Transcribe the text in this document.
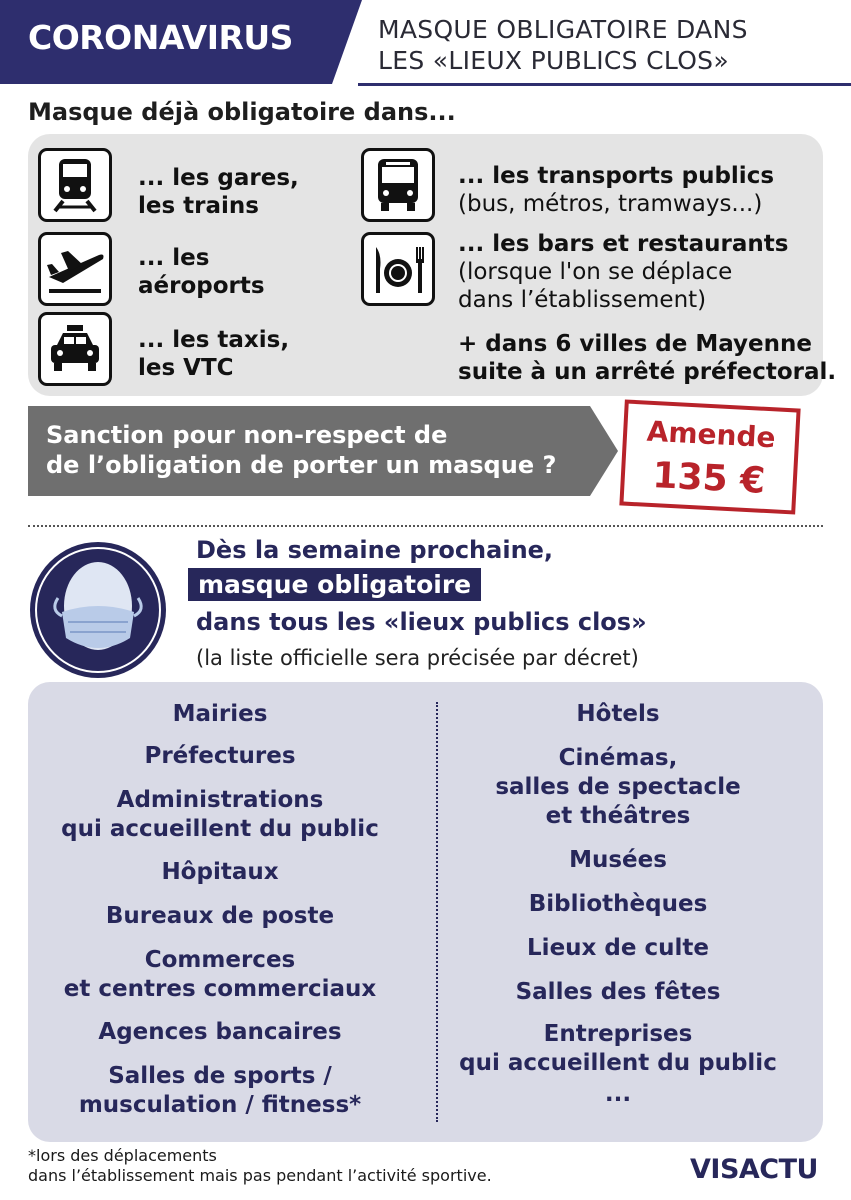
CORONAVIRUS	MASQUE OBLIGATOIRE DANS
LES «LIEUX PUBLICS CLOS»
Masque déjà obligatoire dans...
... les gares,
les trains
... les
aéroports
... les taxis,
les VTC
... les transports publics
(bus, métros, tramways...)
... les bars et restaurants
(lorsque l'on se déplace
dans l’établissement)
+ dans 6 villes de Mayenne
suite à un arrêté préfectoral.
Sanction pour non-respect de
de l’obligation de porter un masque ?
Amende
135 €
Dès la semaine prochaine,
masque obligatoire
dans tous les «lieux publics clos»
(la liste officielle sera précisée par décret)
Mairies
Préfectures
Administrations
qui accueillent du public
Hôpitaux
Bureaux de poste
Commerces
et centres commerciaux
Agences bancaires
Salles de sports /
musculation / fitness*
Hôtels
Cinémas,
salles de spectacle
et théâtres
Musées
Bibliothèques
Lieux de culte
Salles des fêtes
Entreprises
qui accueillent du public
...
*lors des déplacements
dans l’établissement mais pas pendant l’activité sportive.	VISACTU
